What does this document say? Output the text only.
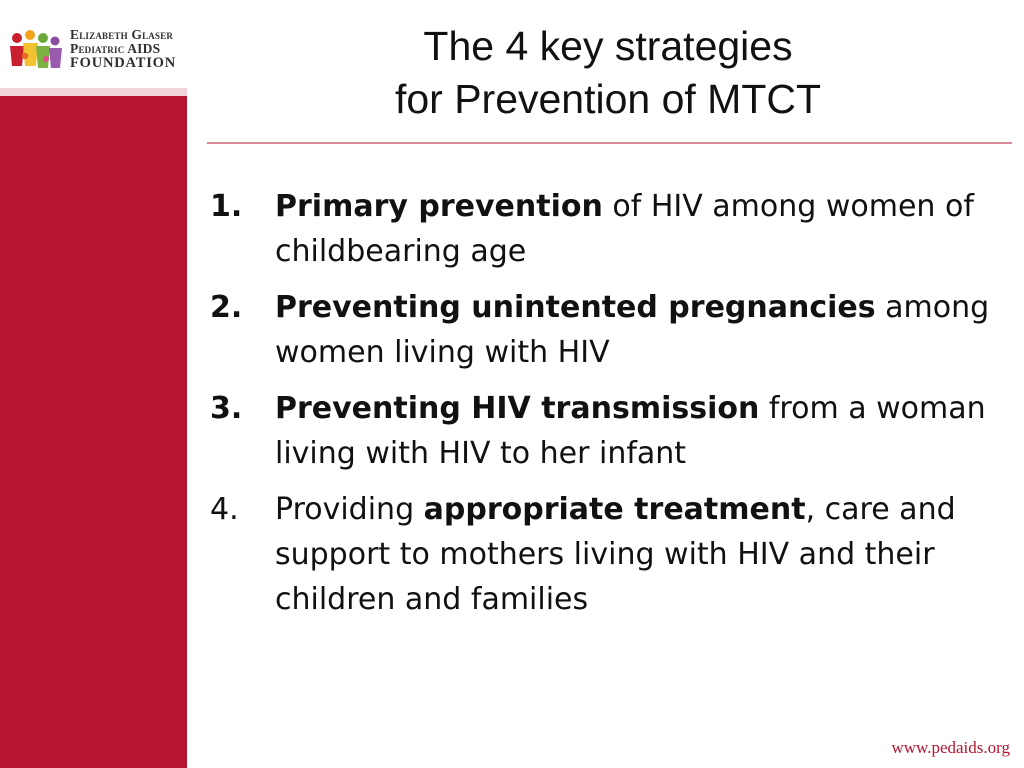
Elizabeth Glaser
Pediatric AIDS
FOUNDATION	The 4 key strategies
for Prevention of MTCT
1. Primary prevention of HIV among women of childbearing age
2. Preventing unintented pregnancies among women living with HIV
3. Preventing HIV transmission from a woman living with HIV to her infant
4. Providing appropriate treatment, care and support to mothers living with HIV and their children and families
www.pedaids.org
